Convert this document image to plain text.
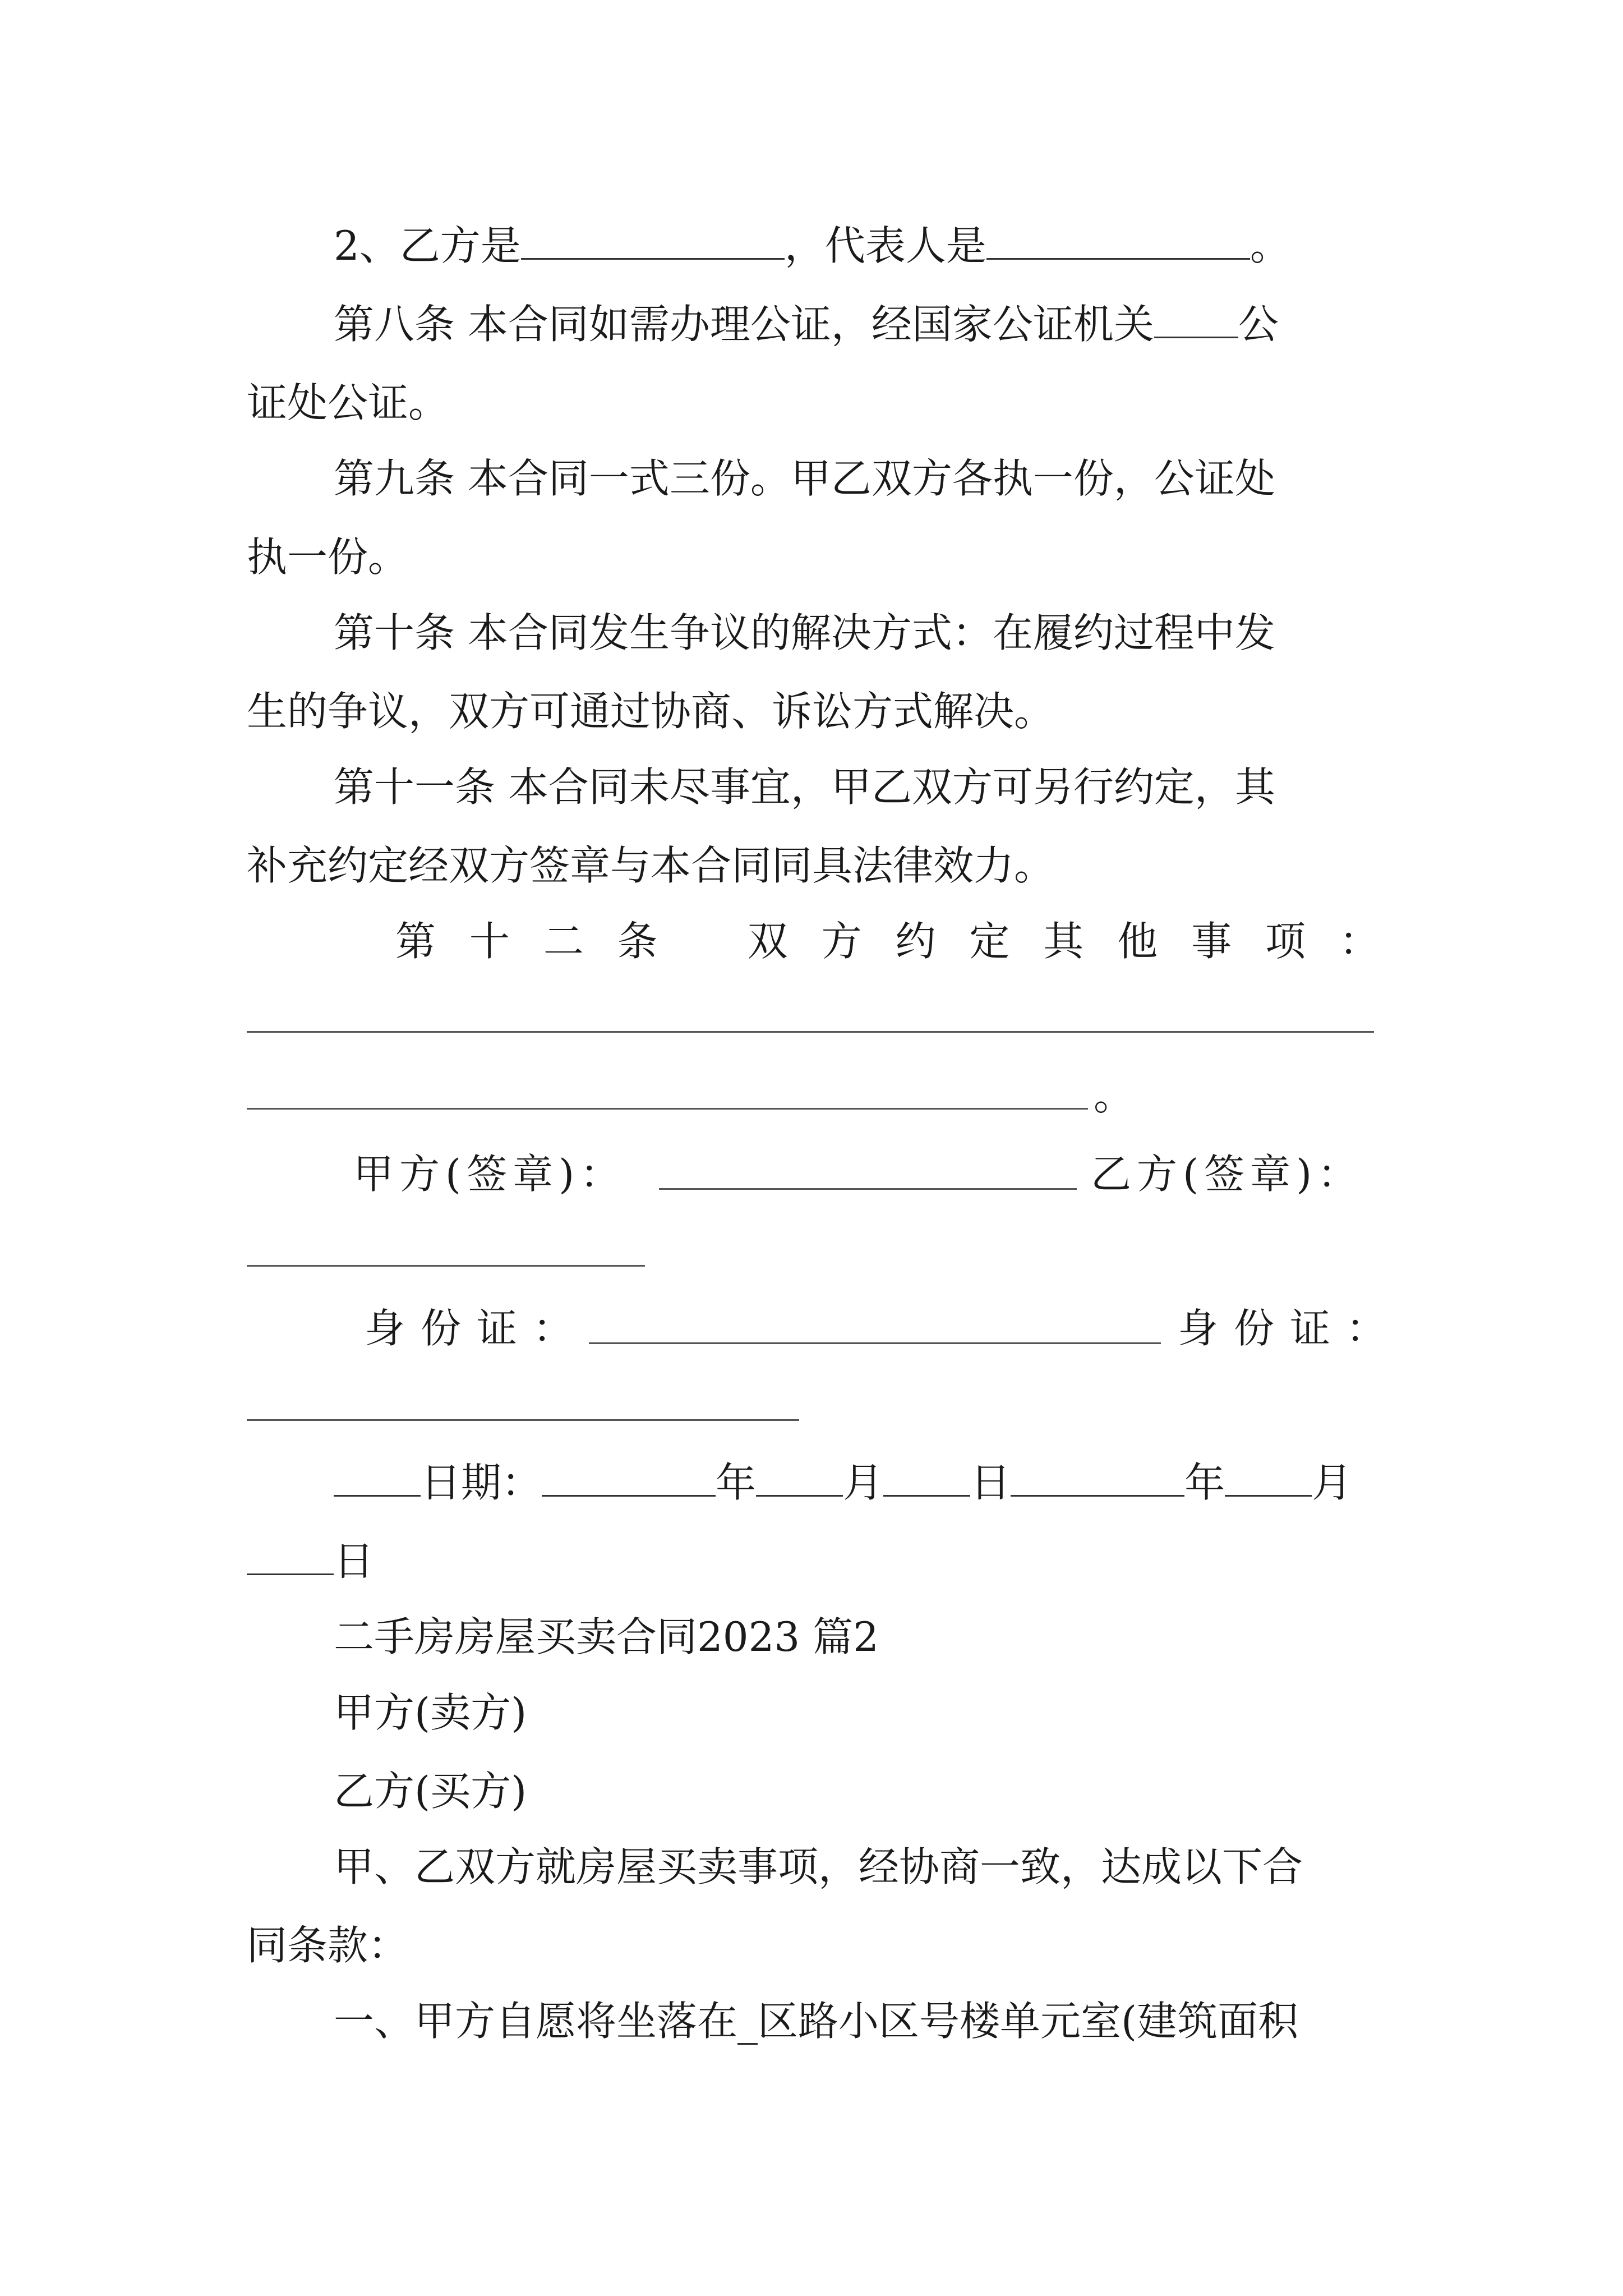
2、乙方是	，代表人是	。
第八条 本合同如需办理公证，经国家公证机关 公
证处公证。
第九条 本合同一式三份。甲乙双方各执一份，公证处
执一份。
第十条 本合同发生争议的解决方式：在履约过程中发
生的争议，双方可通过协商、诉讼方式解决。
第十一条 本合同未尽事宜，甲乙双方可另行约定，其
补充约定经双方签章与本合同同具法律效力。
第 十 二 条 双 方 约 定 其 他 事 项 ：
。
甲方(签章)：	乙方(签章)：
身份证：	身份证：
日期：	年 月 日	年 月
日
二手房房屋买卖合同2023 篇2
甲方(卖方)
乙方(买方)
甲、乙双方就房屋买卖事项，经协商一致，达成以下合
同条款：
一、甲方自愿将坐落在_区路小区号楼单元室(建筑面积
